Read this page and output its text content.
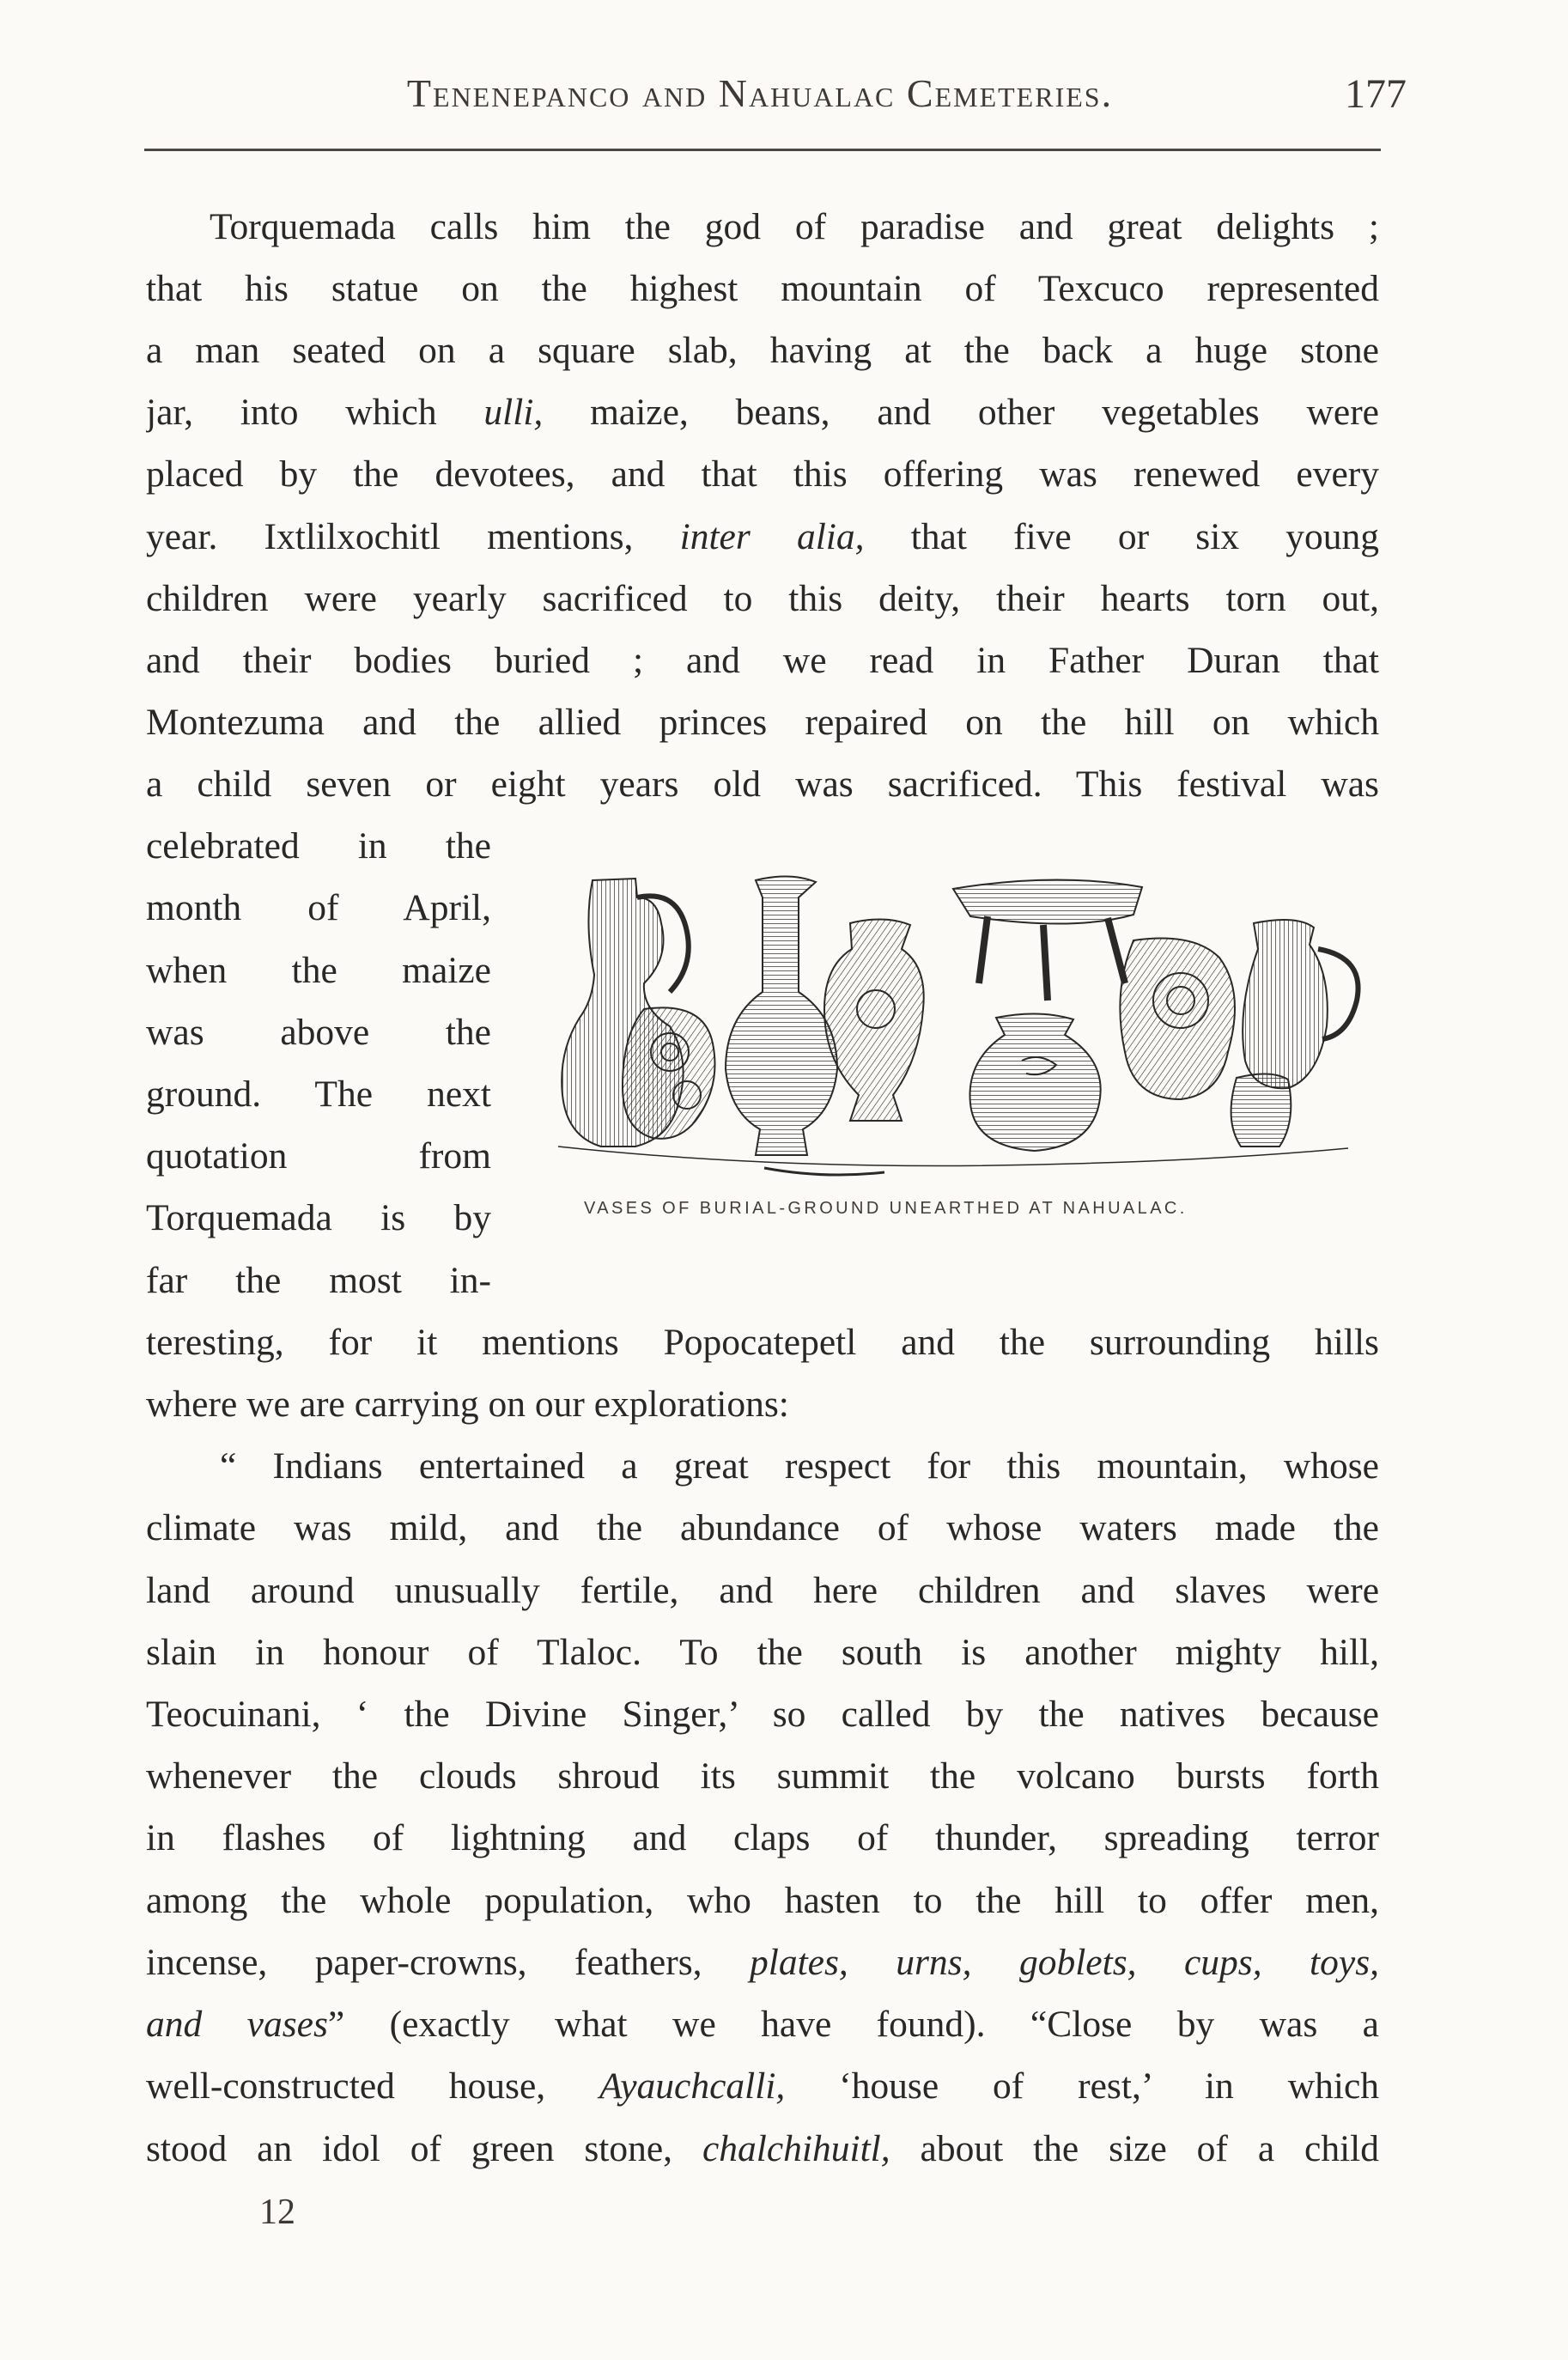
Tenenepanco and Nahualac Cemeteries.	177
Torquemada calls him the god of paradise and great delights ;
that his statue on the highest mountain of Texcuco represented
a man seated on a square slab, having at the back a huge stone
jar, into which ulli, maize, beans, and other vegetables were
placed by the devotees, and that this offering was renewed every
year. Ixtlilxochitl mentions, inter alia, that five or six young
children were yearly sacrificed to this deity, their hearts torn out,
and their bodies buried ; and we read in Father Duran that
Montezuma and the allied princes repaired on the hill on which
a child seven or eight years old was sacrificed. This festival was
celebrated in the
month of April,
when the maize
was above the
ground. The next
quotation from
Torquemada is by
far the most in-
teresting, for it mentions Popocatepetl and the surrounding hills
where we are carrying on our explorations:
“ Indians entertained a great respect for this mountain, whose
climate was mild, and the abundance of whose waters made the
land around unusually fertile, and here children and slaves were
slain in honour of Tlaloc. To the south is another mighty hill,
Teocuinani, ‘ the Divine Singer,’ so called by the natives because
whenever the clouds shroud its summit the volcano bursts forth
in flashes of lightning and claps of thunder, spreading terror
among the whole population, who hasten to the hill to offer men,
incense, paper-crowns, feathers, plates, urns, goblets, cups, toys,
and vases” (exactly what we have found). “Close by was a
well-constructed house, Ayauchcalli, ‘house of rest,’ in which
stood an idol of green stone, chalchihuitl, about the size of a child
VASES OF BURIAL-GROUND UNEARTHED AT NAHUALAC.
12
